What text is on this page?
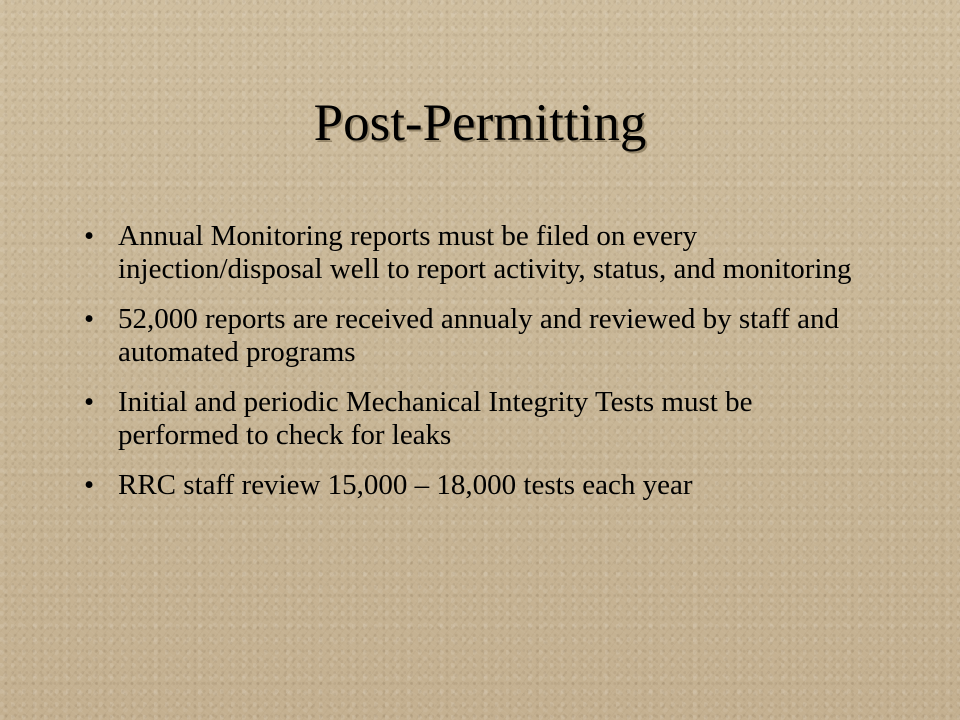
Post-Permitting
• Annual Monitoring reports must be filed on every injection/disposal well to report activity, status, and monitoring
• 52,000 reports are received annualy and reviewed by staff and automated programs
• Initial and periodic Mechanical Integrity Tests must be performed to check for leaks
• RRC staff review 15,000 – 18,000 tests each year
